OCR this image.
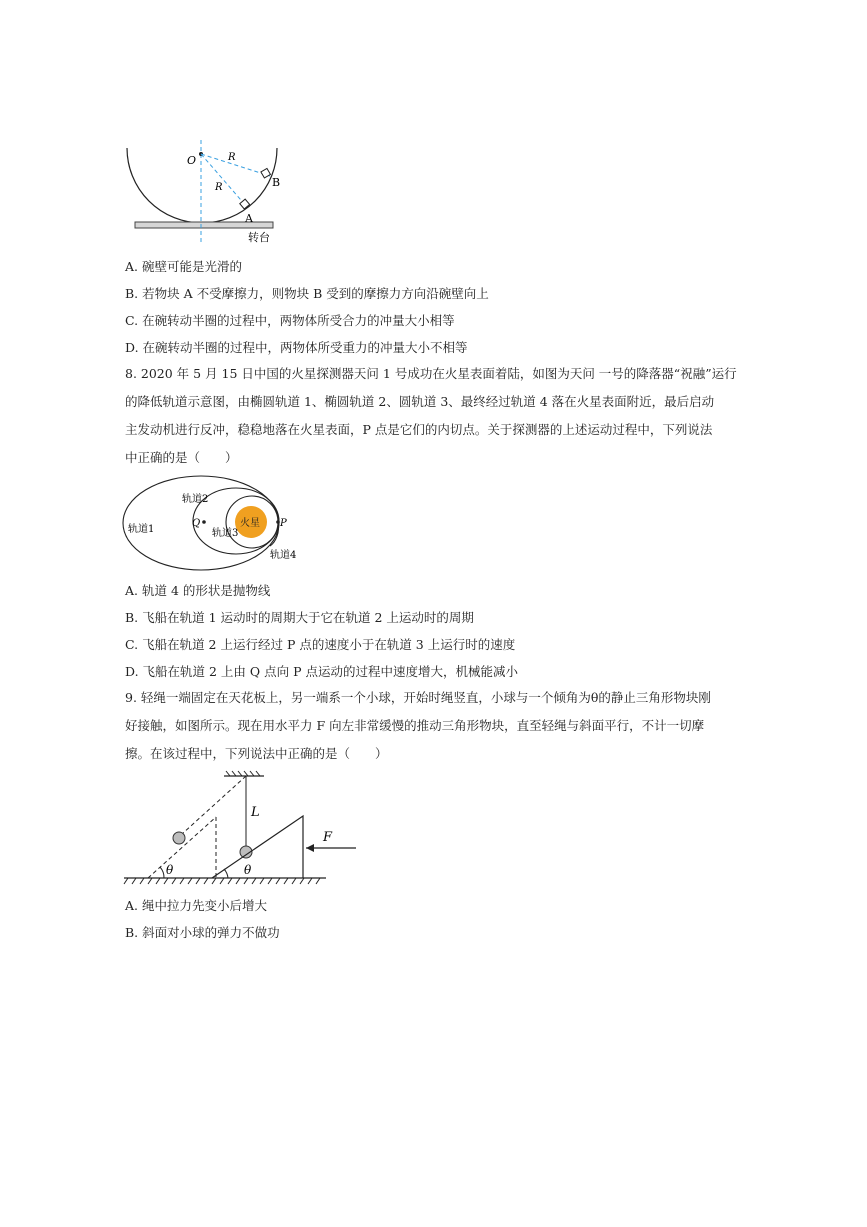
O	R
R	B
A
转台
A. 碗壁可能是光滑的
B. 若物块 A 不受摩擦力，则物块 B 受到的摩擦力方向沿碗壁向上
C. 在碗转动半圈的过程中，两物体所受合力的冲量大小相等
D. 在碗转动半圈的过程中，两物体所受重力的冲量大小不相等
8. 2020 年 5 月 15 日中国的火星探测器天问 1 号成功在火星表面着陆，如图为天问 一号的降落器“祝融”运行
的降低轨道示意图，由椭圆轨道 1、椭圆轨道 2、圆轨道 3、最终经过轨道 4 落在火星表面附近，最后启动
主发动机进行反冲，稳稳地落在火星表面，P 点是它们的内切点。关于探测器的上述运动过程中，下列说法
中正确的是（　　）
火星
Q	P
轨道2
轨道1	轨道3
轨道4
A. 轨道 4 的形状是抛物线
B. 飞船在轨道 1 运动时的周期大于它在轨道 2 上运动时的周期
C. 飞船在轨道 2 上运行经过 P 点的速度小于在轨道 3 上运行时的速度
D. 飞船在轨道 2 上由 Q 点向 P 点运动的过程中速度增大，机械能减小
9. 轻绳一端固定在天花板上，另一端系一个小球，开始时绳竖直，小球与一个倾角为θ的静止三角形物块刚
好接触，如图所示。现在用水平力 F 向左非常缓慢的推动三角形物块，直至轻绳与斜面平行，不计一切摩
擦。在该过程中，下列说法中正确的是（　　）
L
F
θ	θ
A. 绳中拉力先变小后增大
B. 斜面对小球的弹力不做功
